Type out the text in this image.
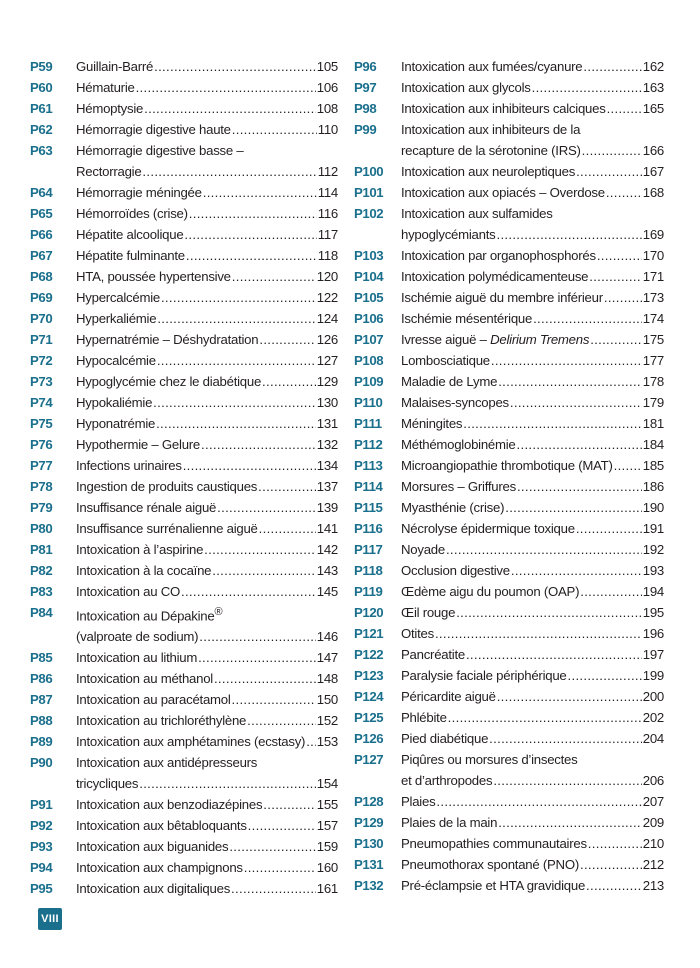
P59	Guillain-Barré .....	105
P60	Hématurie .....	106
P61	Hémoptysie .....	108
P62	Hémorragie digestive haute .....	110
P63	Hémorragie digestive basse –
Rectorragie .....	112
P64	Hémorragie méningée .....	114
P65	Hémorroïdes (crise) .....	116
P66	Hépatite alcoolique .....	117
P67	Hépatite fulminante .....	118
P68	HTA, poussée hypertensive .....	120
P69	Hypercalcémie .....	122
P70	Hyperkaliémie .....	124
P71	Hypernatrémie – Déshydratation .....	126
P72	Hypocalcémie .....	127
P73	Hypoglycémie chez le diabétique .....	129
P74	Hypokaliémie .....	130
P75	Hyponatrémie .....	131
P76	Hypothermie – Gelure .....	132
P77	Infections urinaires .....	134
P78	Ingestion de produits caustiques .....	137
P79	Insuffisance rénale aiguë .....	139
P80	Insuffisance surrénalienne aiguë .....	141
P81	Intoxication à l’aspirine .....	142
P82	Intoxication à la cocaïne .....	143
P83	Intoxication au CO .....	145
P84	Intoxication au Dépakine®
(valproate de sodium) .....	146
P85	Intoxication au lithium .....	147
P86	Intoxication au méthanol .....	148
P87	Intoxication au paracétamol .....	150
P88	Intoxication au trichloréthylène .....	152
P89	Intoxication aux amphétamines (ecstasy) ..... 153
P90	Intoxication aux antidépresseurs
tricycliques .....	154
P91	Intoxication aux benzodiazépines .....	155
P92	Intoxication aux bêtabloquants .....	157
P93	Intoxication aux biguanides .....	159
P94	Intoxication aux champignons .....	160
P95	Intoxication aux digitaliques .....	161
P96	Intoxication aux fumées/cyanure .....	162
P97	Intoxication aux glycols .....	163
P98	Intoxication aux inhibiteurs calciques .....	165
P99	Intoxication aux inhibiteurs de la
recapture de la sérotonine (IRS) .....	166
P100	Intoxication aux neuroleptiques .....	167
P101	Intoxication aux opiacés – Overdose .....	168
P102	Intoxication aux sulfamides
hypoglycémiants .....	169
P103	Intoxication par organophosphorés .....	170
P104	Intoxication polymédicamenteuse .....	171
P105	Ischémie aiguë du membre inférieur .....	173
P106	Ischémie mésentérique .....	174
P107	Ivresse aiguë – Delirium Tremens .....	175
P108	Lombosciatique .....	177
P109	Maladie de Lyme .....	178
P110	Malaises-syncopes .....	179
P111	Méningites .....	181
P112	Méthémoglobinémie .....	184
P113	Microangiopathie thrombotique (MAT) ..... 185
P114	Morsures – Griffures .....	186
P115	Myasthénie (crise) .....	190
P116	Nécrolyse épidermique toxique .....	191
P117	Noyade .....	192
P118	Occlusion digestive .....	193
P119	Œdème aigu du poumon (OAP) .....	194
P120	Œil rouge .....	195
P121	Otites .....	196
P122	Pancréatite .....	197
P123	Paralysie faciale périphérique .....	199
P124	Péricardite aiguë .....	200
P125	Phlébite .....	202
P126	Pied diabétique .....	204
P127	Piqûres ou morsures d’insectes
et d’arthropodes .....	206
P128	Plaies .....	207
P129	Plaies de la main .....	209
P130	Pneumopathies communautaires .....	210
P131	Pneumothorax spontané (PNO) .....	212
P132	Pré-éclampsie et HTA gravidique .....	213
VIII
